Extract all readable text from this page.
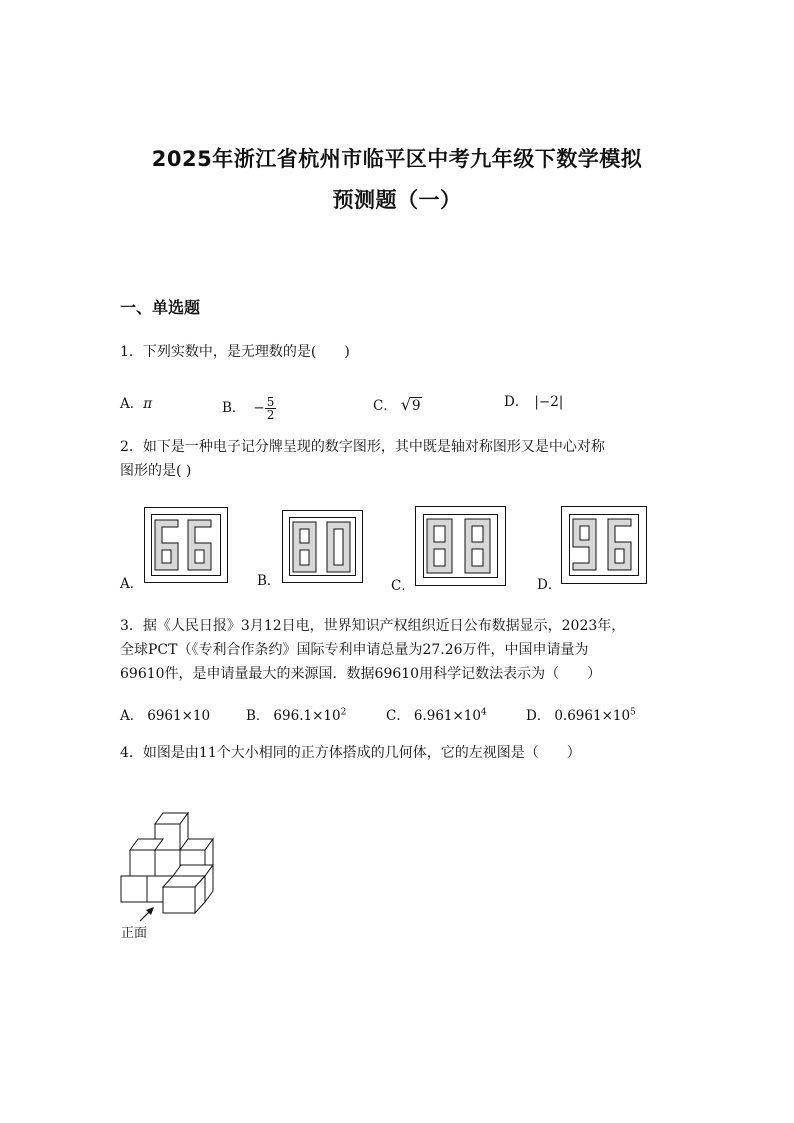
2025年浙江省杭州市临平区中考九年级下数学模拟
预测题（一）
一、单选题
1．下列实数中，是无理数的是(　　)
A．π	B． − $\frac{5}{2}$	C． √9	D． |−2|
2．如下是一种电子记分牌呈现的数字图形，其中既是轴对称图形又是中心对称
图形的是( )
A．	B．	C．	D．
3．据《人民日报》3月12日电，世界知识产权组织近日公布数据显示，2023年，
全球PCT（《专利合作条约》国际专利申请总量为27.26万件，中国申请量为
69610件，是申请量最大的来源国．数据69610用科学记数法表示为（　　）
A． 6961×10	B． $696.1\times 10^2$	C． $6.961\times 10^4$	D． $0.6961\times 10^5$
4．如图是由11个大小相同的正方体搭成的几何体，它的左视图是（　　）
正面
